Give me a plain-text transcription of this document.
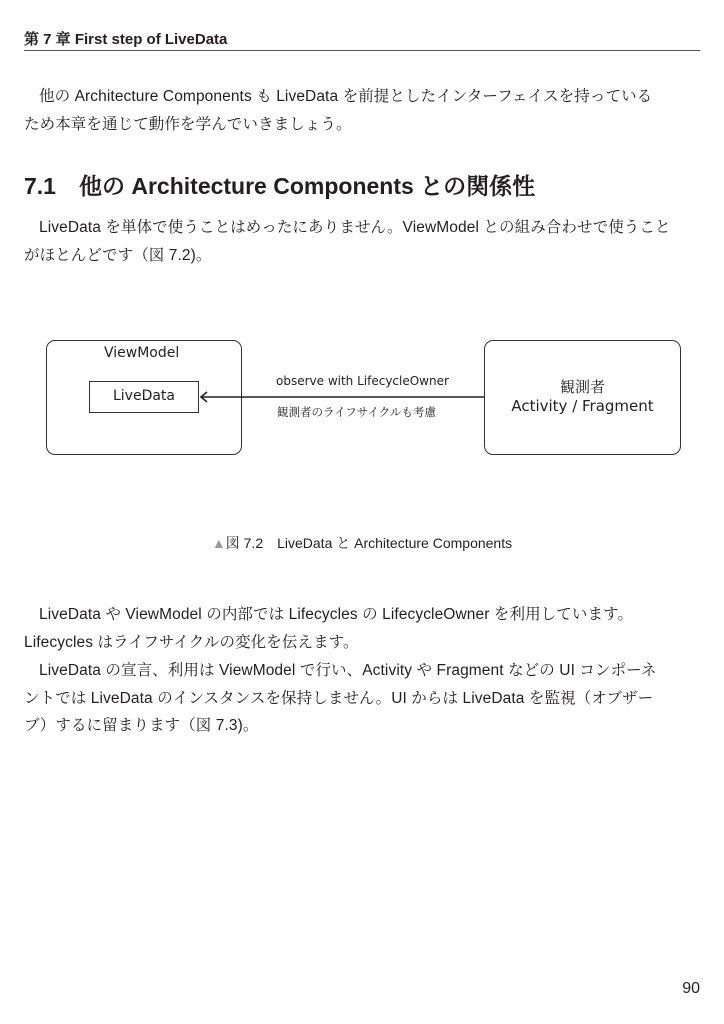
第 7 章 First step of LiveData
他の Architecture Components も LiveData を前提としたインターフェイスを持っている
ため本章を通じて動作を学んでいきましょう。
7.1　他の Architecture Components との関係性
LiveData を単体で使うことはめったにありません。ViewModel との組み合わせで使うこと
がほとんどです（図 7.2)。
ViewModel
LiveData
observe with LifecycleOwner
観測者のライフサイクルも考慮
観測者
Activity / Fragment
▲図 7.2　LiveData と Architecture Components
LiveData や ViewModel の内部では Lifecycles の LifecycleOwner を利用しています。
Lifecycles はライフサイクルの変化を伝えます。
LiveData の宣言、利用は ViewModel で行い、Activity や Fragment などの UI コンポーネ
ントでは LiveData のインスタンスを保持しません。UI からは LiveData を監視（オブザー
ブ）するに留まります（図 7.3)。
90
